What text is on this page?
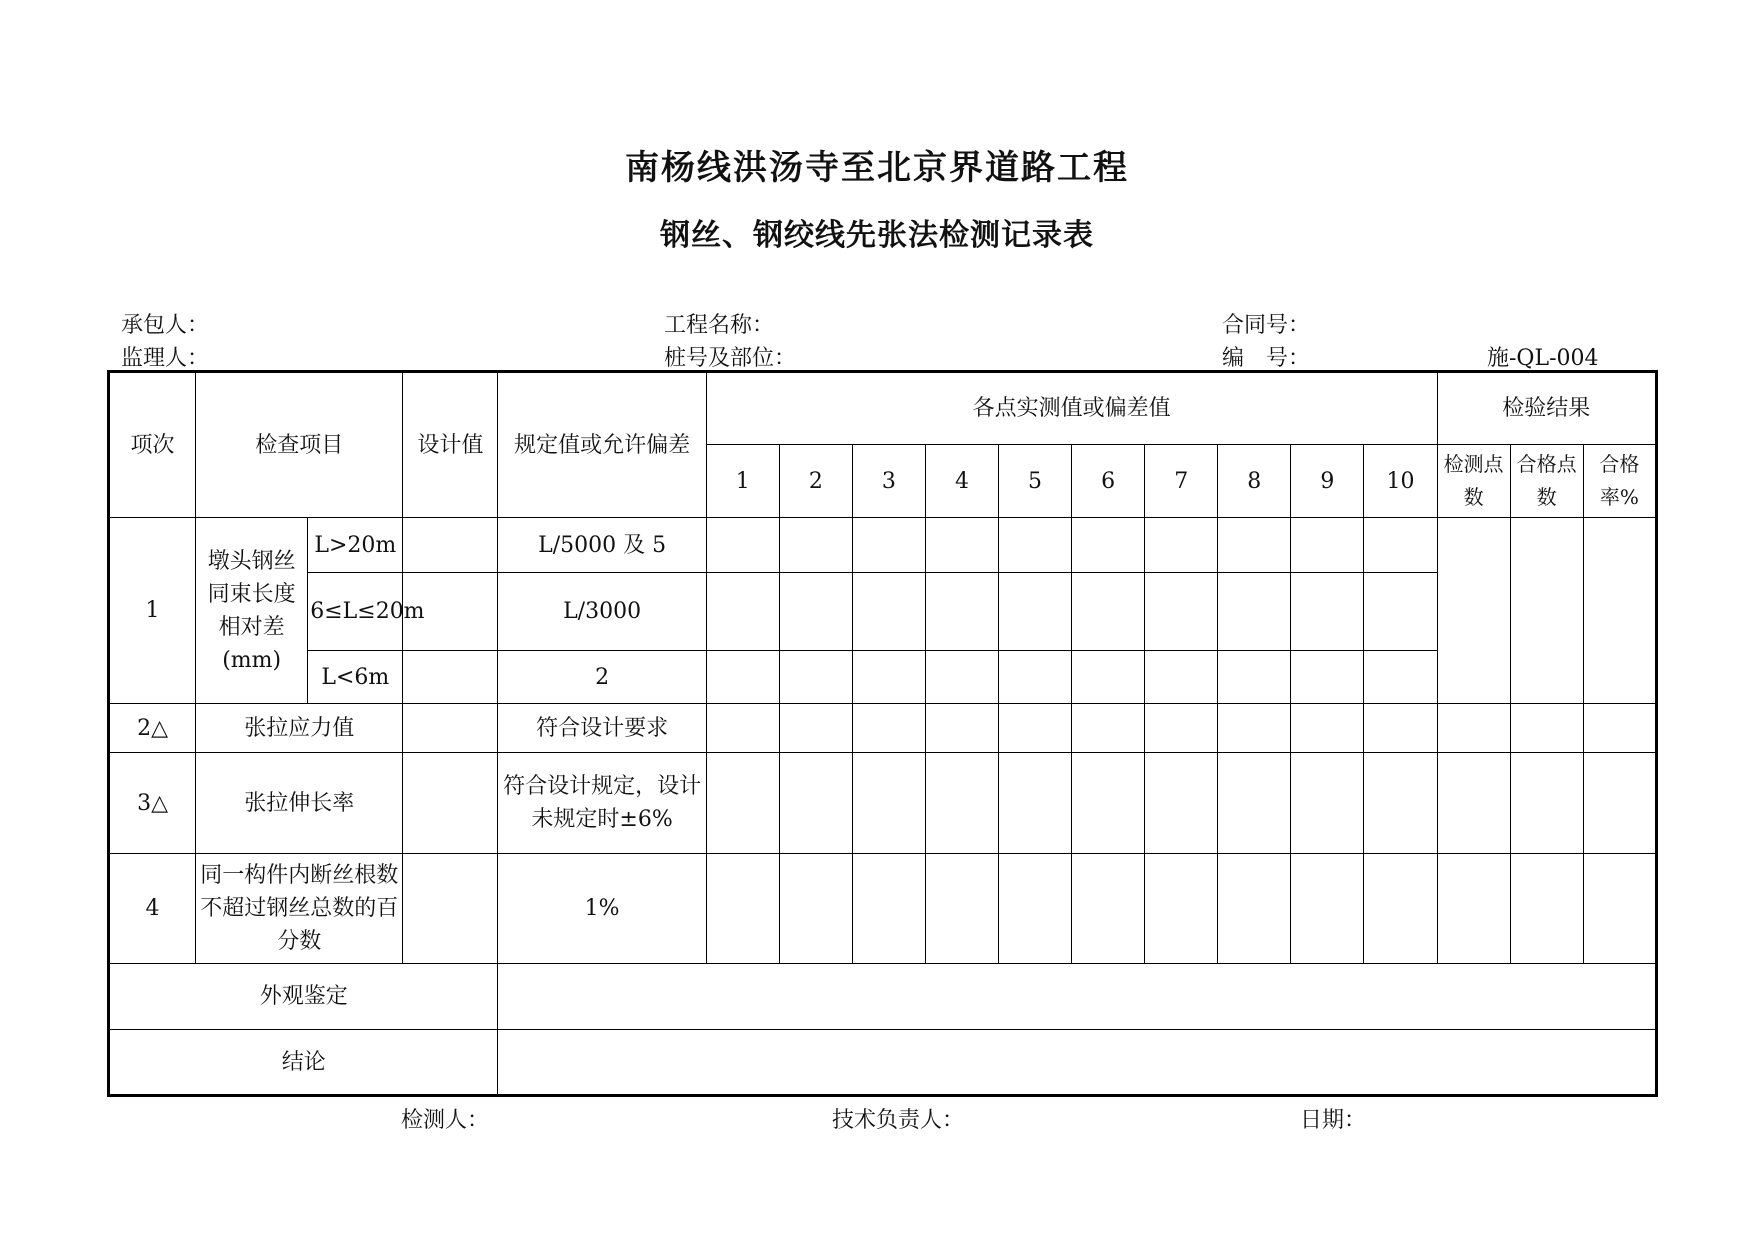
南杨线洪汤寺至北京界道路工程
钢丝、钢绞线先张法检测记录表
承包人：	工程名称：	合同号：
监理人：	桩号及部位：	编　号：	施-QL-004
项次	检查项目		设计值	规定值或允许偏差	各点实测值或偏差值										检验结果		
					1	2	3	4	5	6	7	8	9	10	检测点数	合格点数	合格率%
1	墩头钢丝同束长度相对差(mm)	L>20m		L/5000 及 5													
		6≤L≤20m		L/3000													
		L<6m		2													
2△	张拉应力值			符合设计要求													
3△	张拉伸长率			符合设计规定，设计未规定时±6%													
4	同一构件内断丝根数不超过钢丝总数的百分数			1%													
外观鉴定																	
结论																	
检测人：	技术负责人：	日期：
